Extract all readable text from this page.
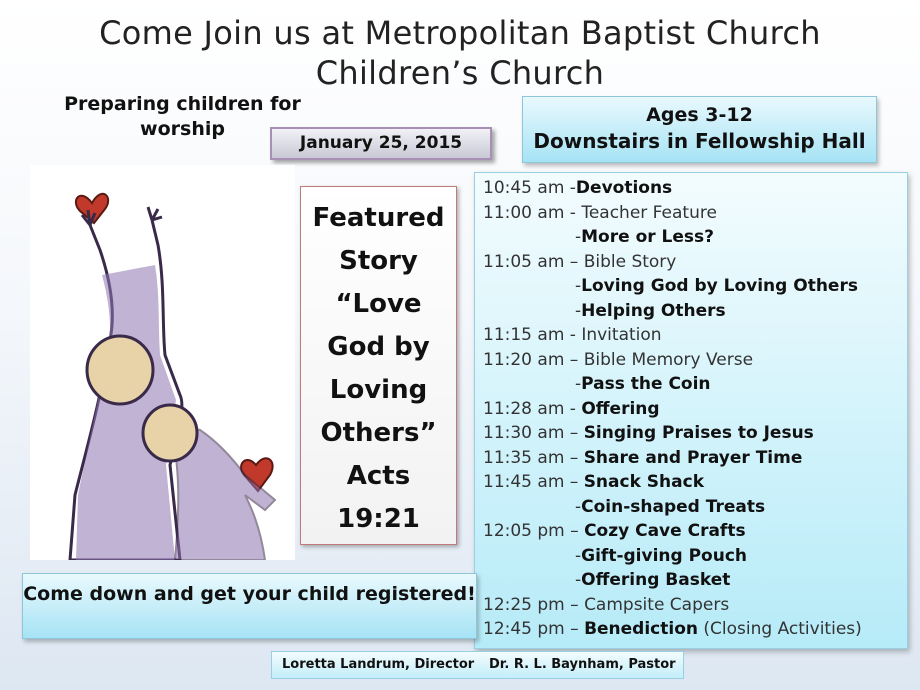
Come Join us at Metropolitan Baptist Church
Children’s Church
Preparing children for worship
January 25, 2015
Ages 3-12
Downstairs in Fellowship Hall
Featured
Story
“Love
God by
Loving
Others”
Acts
19:21
10:45 am -Devotions
11:00 am - Teacher Feature
-More or Less?
11:05 am – Bible Story
-Loving God by Loving Others
-Helping Others
11:15 am - Invitation
11:20 am – Bible Memory Verse
-Pass the Coin
11:28 am - Offering
11:30 am – Singing Praises to Jesus
11:35 am – Share and Prayer Time
11:45 am – Snack Shack
-Coin-shaped Treats
12:05 pm – Cozy Cave Crafts
-Gift-giving Pouch
-Offering Basket
12:25 pm – Campsite Capers
12:45 pm – Benediction (Closing Activities)
Come down and get your child registered!
Loretta Landrum, Director Dr. R. L. Baynham, Pastor
